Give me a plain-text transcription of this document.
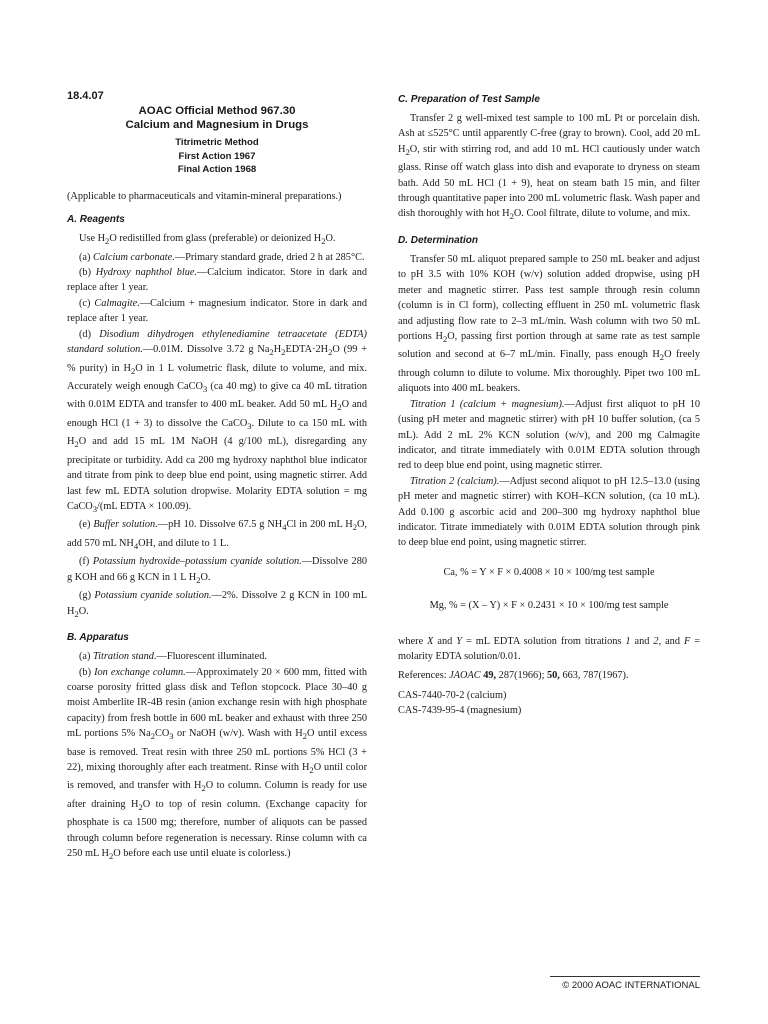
18.4.07
AOAC Official Method 967.30
Calcium and Magnesium in Drugs
Titrimetric Method
First Action 1967
Final Action 1968

(Applicable to pharmaceuticals and vitamin-mineral preparations.)

A. Reagents

Use $H_2O$ redistilled from glass (preferable) or deionized $H_2O$.

(a) Calcium carbonate.—Primary standard grade, dried 2 h at 285°C.

(b) Hydroxy naphthol blue.—Calcium indicator. Store in dark and replace after 1 year.

(c) Calmagite.—Calcium + magnesium indicator. Store in dark and replace after 1 year.

(d) Disodium dihydrogen ethylenediamine tetraacetate (EDTA) standard solution.—0.01M. Dissolve 3.72 g $Na_2H_2EDTA\cdot 2H_2O$ (99 + % purity) in $H_2O$ in 1 L volumetric flask, dilute to volume, and mix. Accurately weigh enough CaCO$_3$ (ca 40 mg) to give ca 40 mL titration with 0.01M EDTA and transfer to 400 mL beaker. Add 50 mL $H_2O$ and enough HCl (1 + 3) to dissolve the CaCO$_3$. Dilute to ca 150 mL with $H_2O$ and add 15 mL 1M NaOH (4 g/100 mL), disregarding any precipitate or turbidity. Add ca 200 mg hydroxy naphthol blue indicator and titrate from pink to deep blue end point, using magnetic stirrer. Add last few mL EDTA solution dropwise. Molarity EDTA solution = mg CaCO$_3$/(mL EDTA × 100.09).

(e) Buffer solution.—pH 10. Dissolve 67.5 g $NH_4Cl$ in 200 mL $H_2O$, add 570 mL $NH_4OH$, and dilute to 1 L.

(f) Potassium hydroxide–potassium cyanide solution.—Dissolve 280 g KOH and 66 g KCN in 1 L $H_2O$.

(g) Potassium cyanide solution.—2%. Dissolve 2 g KCN in 100 mL $H_2O$.

B. Apparatus

(a) Titration stand.—Fluorescent illuminated.

(b) Ion exchange column.—Approximately 20 × 600 mm, fitted with coarse porosity fritted glass disk and Teflon stopcock. Place 30–40 g moist Amberlite IR-4B resin (anion exchange resin with high phosphate capacity) from fresh bottle in 600 mL beaker and exhaust with three 250 mL portions 5% $Na_2CO_3$ or NaOH (w/v). Wash with $H_2O$ until excess base is removed. Treat resin with three 250 mL portions 5% HCl (3 + 22), mixing thoroughly after each treatment. Rinse with $H_2O$ until color is removed, and transfer with $H_2O$ to column. Column is ready for use after draining $H_2O$ to top of resin column. (Exchange capacity for phosphate is ca 1500 mg; therefore, number of aliquots can be passed through column before regeneration is necessary. Rinse column with ca 250 mL $H_2O$ before each use until eluate is colorless.)

C. Preparation of Test Sample

Transfer 2 g well-mixed test sample to 100 mL Pt or porcelain dish. Ash at ≤525°C until apparently C-free (gray to brown). Cool, add 20 mL $H_2O$, stir with stirring rod, and add 10 mL HCl cautiously under watch glass. Rinse off watch glass into dish and evaporate to dryness on steam bath. Add 50 mL HCl (1 + 9), heat on steam bath 15 min, and filter through quantitative paper into 200 mL volumetric flask. Wash paper and dish thoroughly with hot $H_2O$. Cool filtrate, dilute to volume, and mix.

D. Determination

Transfer 50 mL aliquot prepared sample to 250 mL beaker and adjust to pH 3.5 with 10% KOH (w/v) solution added dropwise, using pH meter and magnetic stirrer. Pass test sample through resin column (column is in Cl form), collecting effluent in 250 mL volumetric flask and adjusting flow rate to 2–3 mL/min. Wash column with two 50 mL portions $H_2O$, passing first portion through at same rate as test sample solution and second at 6–7 mL/min. Finally, pass enough $H_2O$ freely through column to dilute to volume. Mix thoroughly. Pipet two 100 mL aliquots into 400 mL beakers.

Titration 1 (calcium + magnesium).—Adjust first aliquot to pH 10 (using pH meter and magnetic stirrer) with pH 10 buffer solution, (ca 5 mL). Add 2 mL 2% KCN solution (w/v), and 200 mg Calmagite indicator, and titrate immediately with 0.01M EDTA solution through red to deep blue end point, using magnetic stirrer.

Titration 2 (calcium).—Adjust second aliquot to pH 12.5–13.0 (using pH meter and magnetic stirrer) with KOH–KCN solution, (ca 10 mL). Add 0.100 g ascorbic acid and 200–300 mg hydroxy naphthol blue indicator. Titrate immediately with 0.01M EDTA solution through pink to deep blue end point, using magnetic stirrer.

Ca, % = Y × F × 0.4008 × 10 × 100/mg test sample

Mg, % = (X – Y) × F × 0.2431 × 10 × 100/mg test sample

where X and Y = mL EDTA solution from titrations 1 and 2, and F = molarity EDTA solution/0.01.

References: JAOAC 49, 287(1966); 50, 663, 787(1967).

CAS-7440-70-2 (calcium)

CAS-7439-95-4 (magnesium)

© 2000 AOAC INTERNATIONAL
